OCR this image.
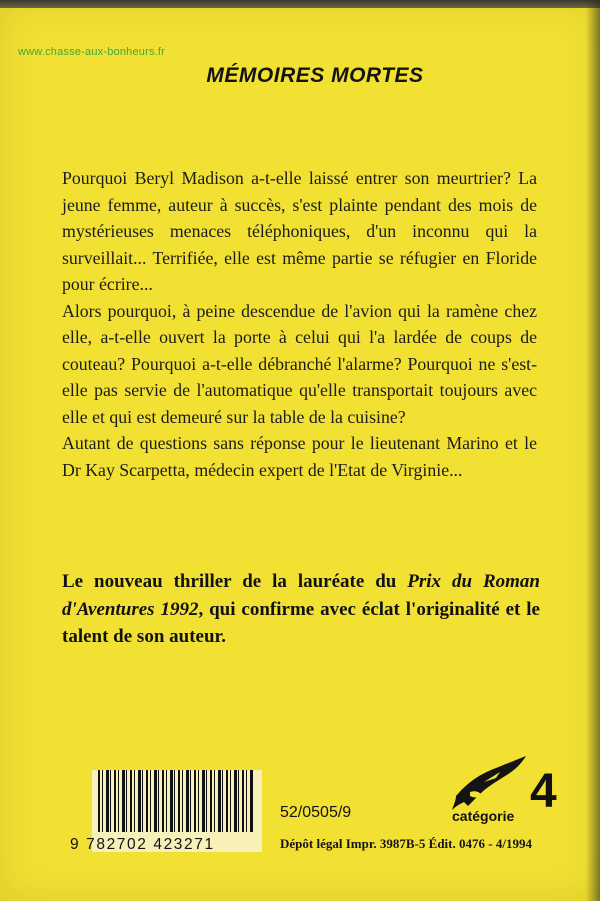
www.chasse-aux-bonheurs.fr
MÉMOIRES MORTES

Pourquoi Beryl Madison a-t-elle laissé entrer son meurtrier? La jeune femme, auteur à succès, s'est plainte pendant des mois de mystérieuses menaces téléphoniques, d'un inconnu qui la surveillait... Terrifiée, elle est même partie se réfugier en Floride pour écrire...

Alors pourquoi, à peine descendue de l'avion qui la ramène chez elle, a-t-elle ouvert la porte à celui qui l'a lardée de coups de couteau? Pourquoi a-t-elle débranché l'alarme? Pourquoi ne s'est-elle pas servie de l'automatique qu'elle transportait toujours avec elle et qui est demeuré sur la table de la cuisine?

Autant de questions sans réponse pour le lieutenant Marino et le Dr Kay Scarpetta, médecin expert de l'Etat de Virginie...

Le nouveau thriller de la lauréate du Prix du Roman d'Aventures 1992, qui confirme avec éclat l'originalité et le talent de son auteur.
9 782702 423271
52/0505/9
Dépôt légal Impr. 3987B-5 Édit. 0476 - 4/1994
catégorie 4
